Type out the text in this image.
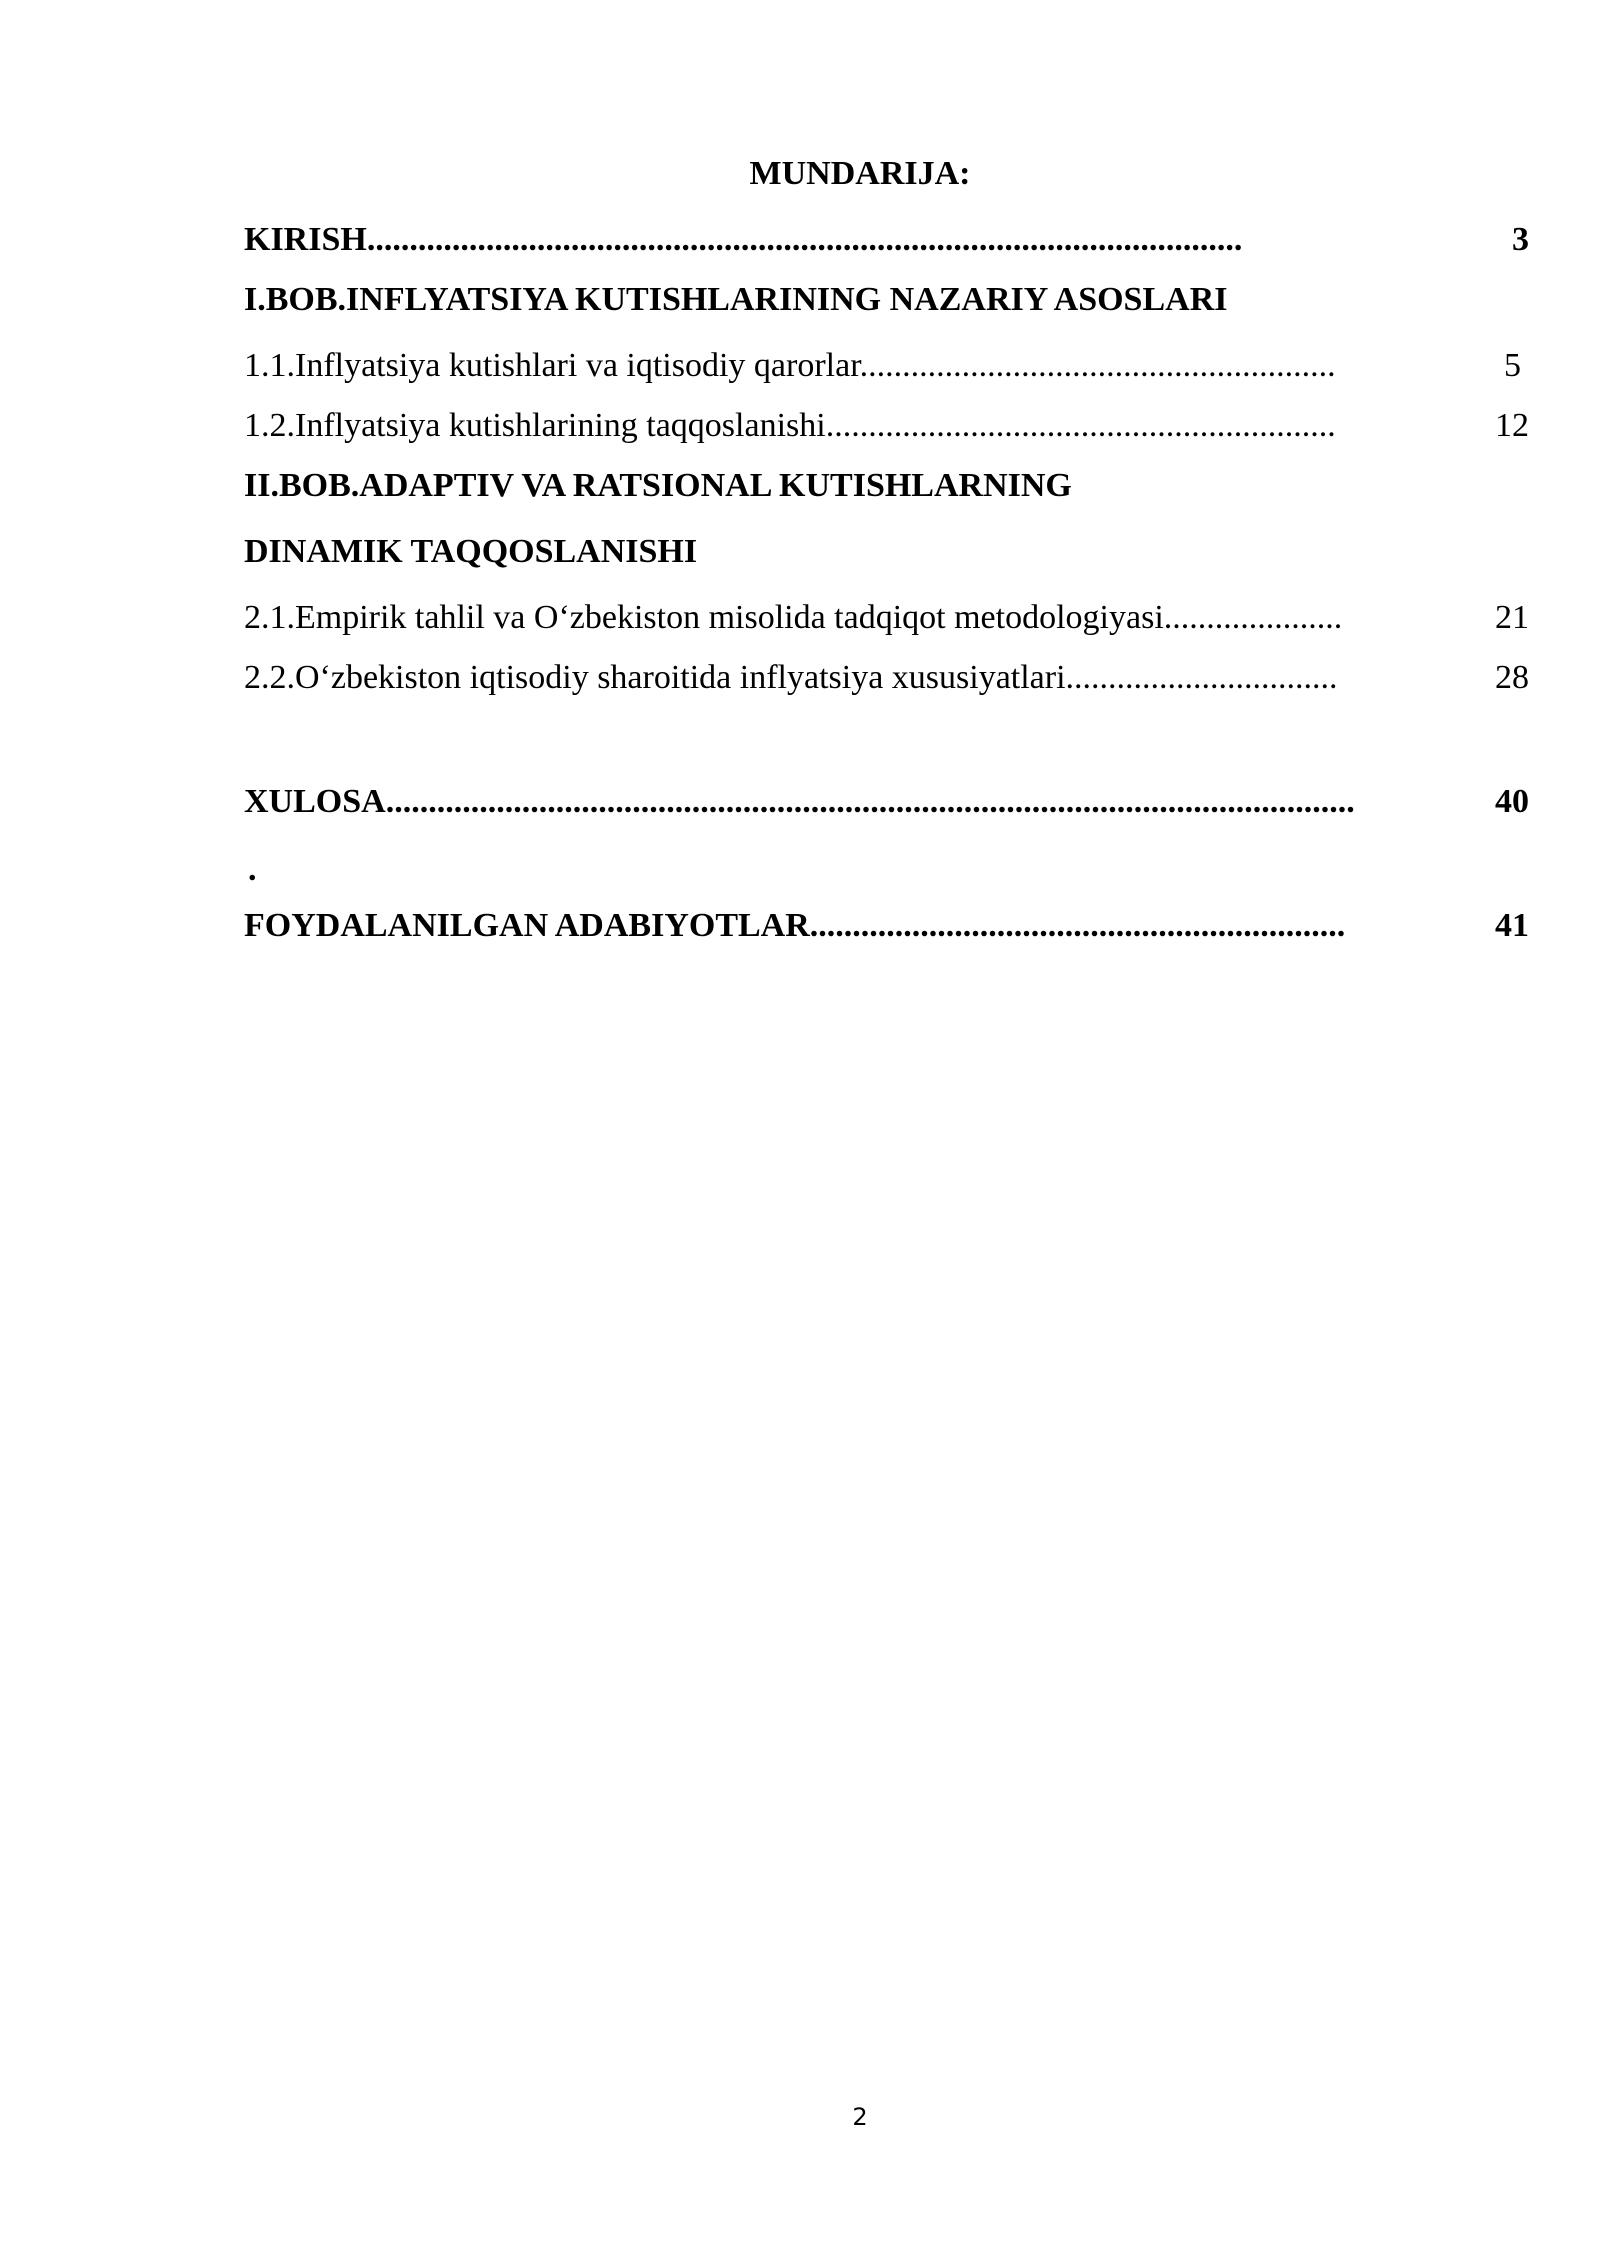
MUNDARIJA:
KIRISH.......................................................................................................	3
I.BOB.INFLYATSIYA KUTISHLARINING NAZARIY ASOSLARI
1.1.Inflyatsiya kutishlari va iqtisodiy qarorlar........................................................	5
1.2.Inflyatsiya kutishlarining taqqoslanishi............................................................	12
II.BOB.ADAPTIV VA RATSIONAL KUTISHLARNING
DINAMIK TAQQOSLANISHI
2.1.Empirik tahlil va O‘zbekiston misolida tadqiqot metodologiyasi.....................	21
2.2.O‘zbekiston iqtisodiy sharoitida inflyatsiya xususiyatlari................................	28
XULOSA..................................................................................................................	40
.
FOYDALANILGAN ADABIYOTLAR...............................................................	41
2
